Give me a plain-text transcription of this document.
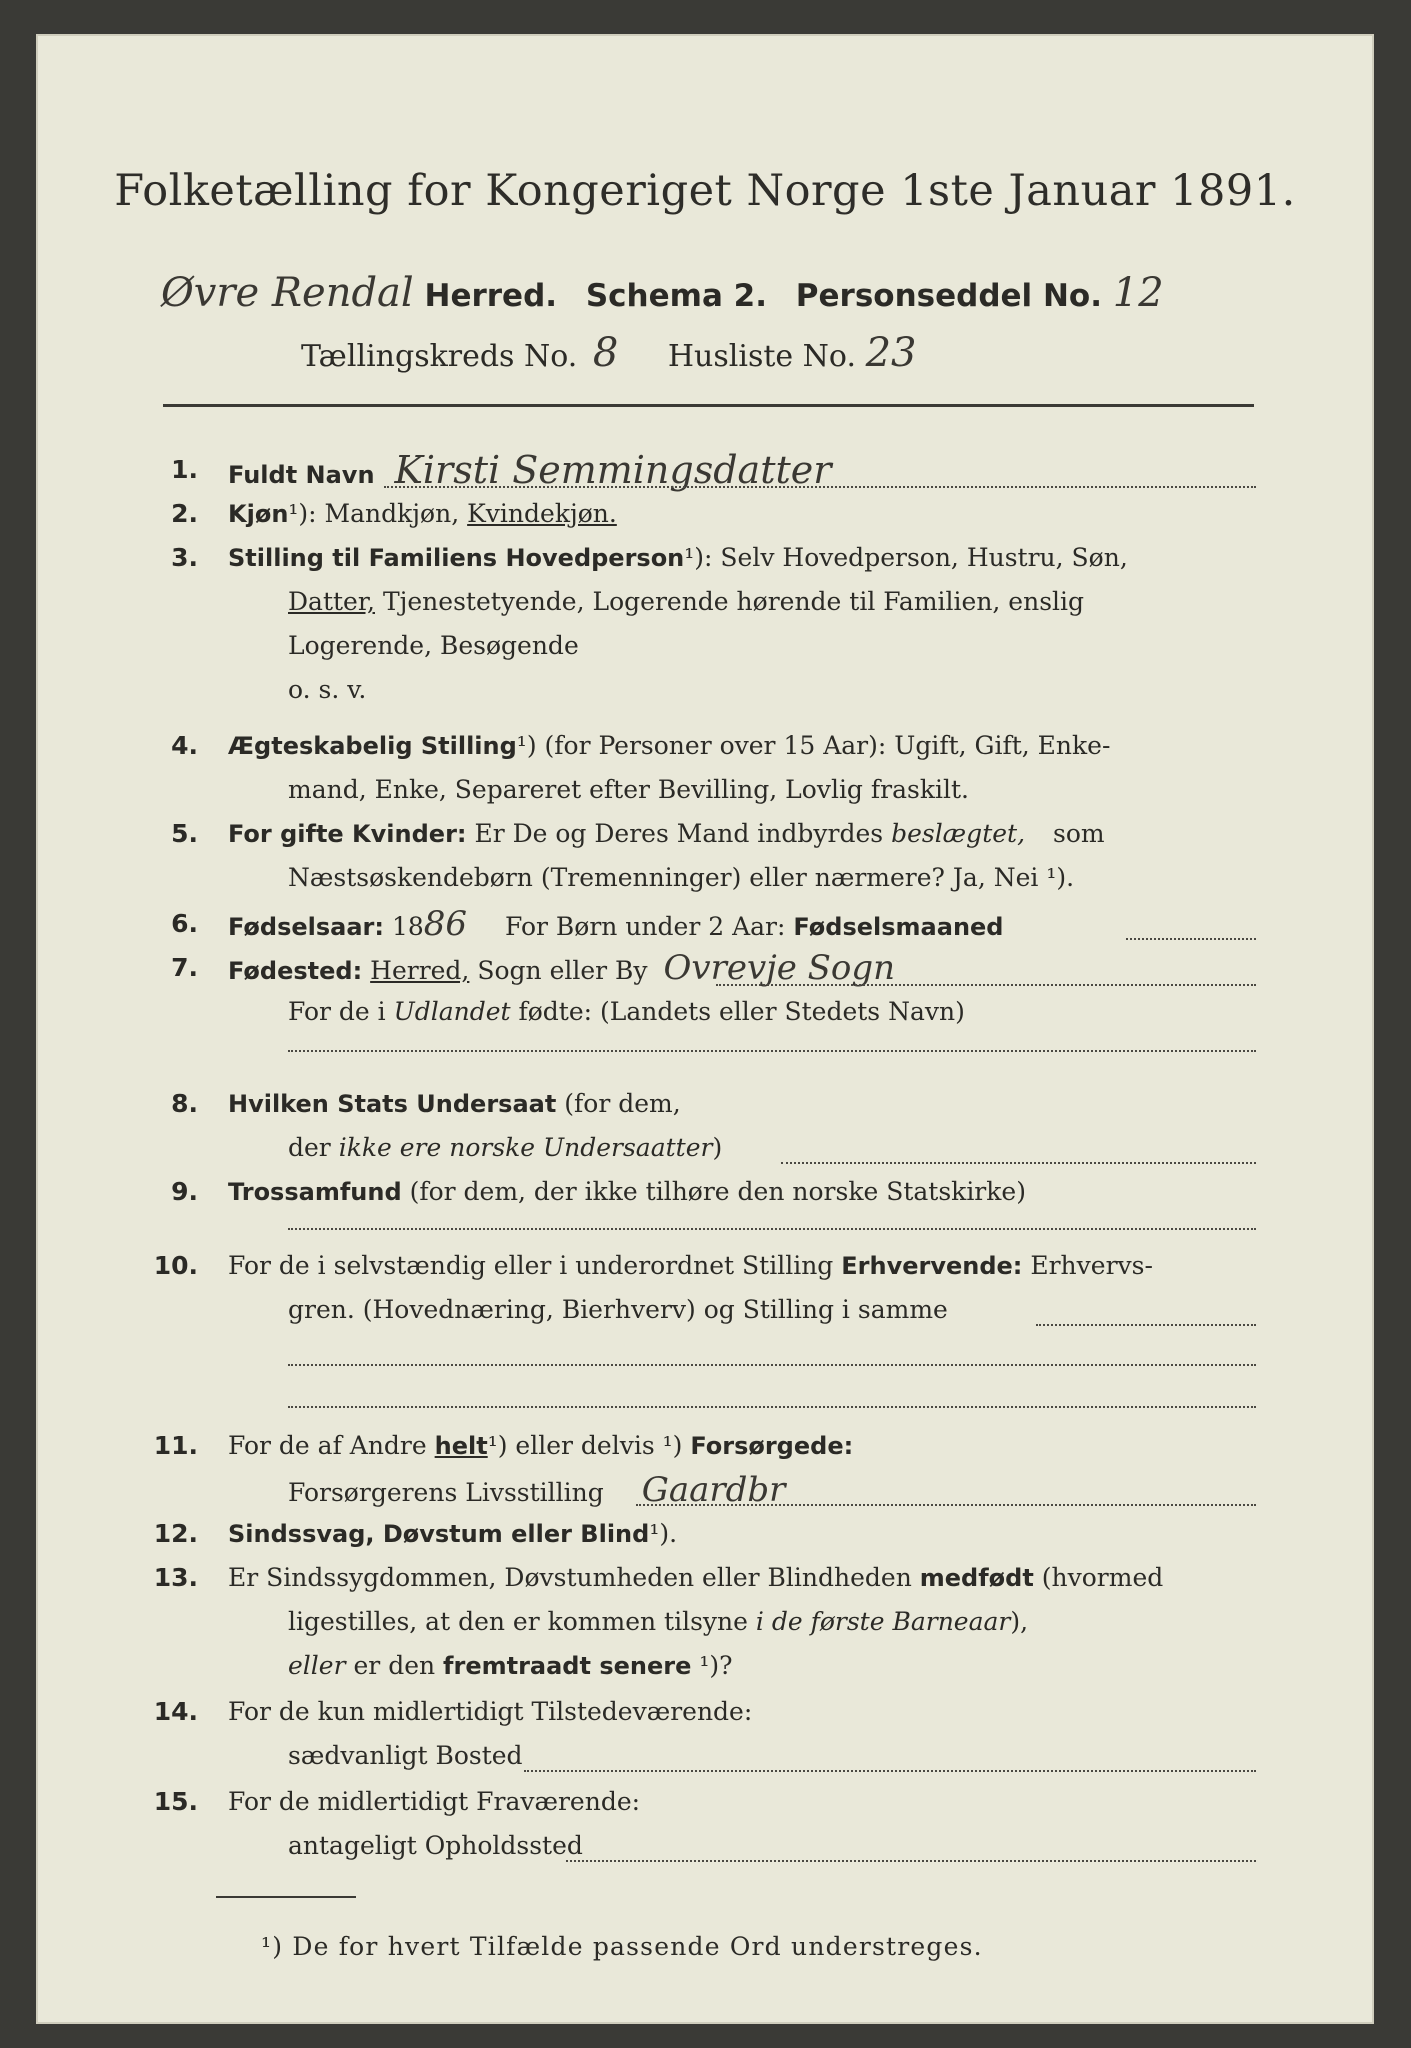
Folketælling for Kongeriget Norge 1ste Januar 1891.
Øvre Rendal Herred. Schema 2. Personseddel No. 12
Tællingskreds No. 8 Husliste No. 23
1. Fuldt Navn Kirsti Semmingsdatter
2. Kjøn¹): Mandkjøn, Kvindekjøn.
3. Stilling til Familiens Hovedperson¹): Selv Hovedperson, Hustru, Søn,
Datter, Tjenestetyende, Logerende hørende til Familien, enslig
Logerende, Besøgende
o. s. v.
4. Ægteskabelig Stilling¹) (for Personer over 15 Aar): Ugift, Gift, Enke-
mand, Enke, Separeret efter Bevilling, Lovlig fraskilt.
5. For gifte Kvinder: Er De og Deres Mand indbyrdes beslægtet, som
Næstsøskendebørn (Tremenninger) eller nærmere? Ja, Nei ¹).
6. Fødselsaar: 1886 For Børn under 2 Aar: Fødselsmaaned
7. Fødested: Herred, Sogn eller By Ovrevje Sogn
For de i Udlandet fødte: (Landets eller Stedets Navn)
8. Hvilken Stats Undersaat (for dem,
der ikke ere norske Undersaatter)
9. Trossamfund (for dem, der ikke tilhøre den norske Statskirke)
10. For de i selvstændig eller i underordnet Stilling Erhvervende: Erhvervs-
gren. (Hovednæring, Bierhverv) og Stilling i samme
11. For de af Andre helt¹) eller delvis ¹) Forsørgede:
Forsørgerens Livsstilling Gaardbr
12. Sindssvag, Døvstum eller Blind¹).
13. Er Sindssygdommen, Døvstumheden eller Blindheden medfødt (hvormed
ligestilles, at den er kommen tilsyne i de første Barneaar),
eller er den fremtraadt senere ¹)?
14. For de kun midlertidigt Tilstedeværende:
sædvanligt Bosted
15. For de midlertidigt Fraværende:
antageligt Opholdssted
¹) De for hvert Tilfælde passende Ord understreges.
